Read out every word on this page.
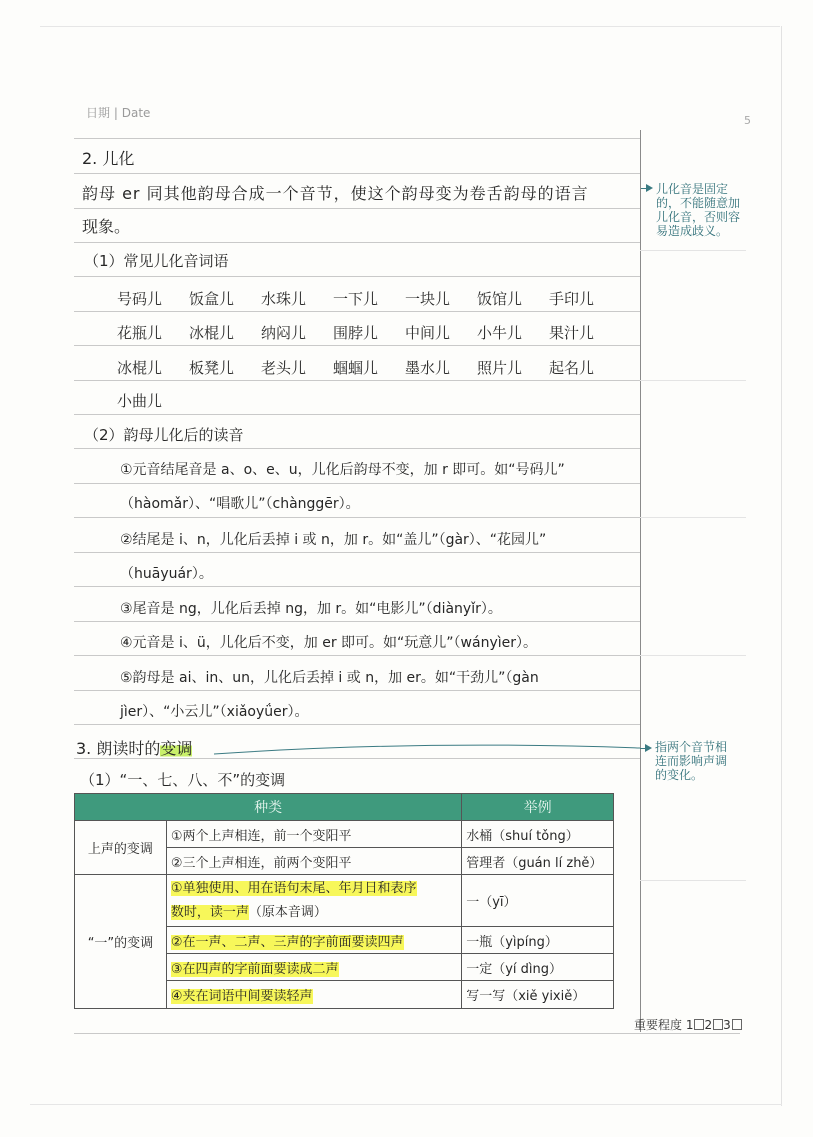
日期 | Date
5
2. 儿化
韵母 er 同其他韵母合成一个音节，使这个韵母变为卷舌韵母的语言
现象。
（1）常见儿化音词语
号码儿	饭盒儿	水珠儿	一下儿	一块儿	饭馆儿	手印儿
花瓶儿	冰棍儿	纳闷儿	围脖儿	中间儿	小牛儿	果汁儿
冰棍儿	板凳儿	老头儿	蝈蝈儿	墨水儿	照片儿	起名儿
小曲儿
（2）韵母儿化后的读音
①元音结尾音是 a、o、e、u，儿化后韵母不变，加 r 即可。如“号码儿”
（hàomǎr）、“唱歌儿”（chànggēr）。
②结尾是 i、n，儿化后丢掉 i 或 n，加 r。如“盖儿”（gàr）、“花园儿”
（huāyuár）。
③尾音是 ng，儿化后丢掉 ng，加 r。如“电影儿”（diànyǐr）。
④元音是 i、ü，儿化后不变，加 er 即可。如“玩意儿”（wányìer）。
⑤韵母是 ai、in、un，儿化后丢掉 i 或 n，加 er。如“干劲儿”（gàn
jìer）、“小云儿”（xiǎoyǘer）。
3. 朗读时的变调
（1）“一、七、八、不”的变调
儿化音是固定
的，不能随意加
儿化音，否则容
易造成歧义。
指两个音节相
连而影响声调
的变化。
种类		举例
上声的变调	①两个上声相连，前一个变阳平	水桶（shuí tǒng）
	②三个上声相连，前两个变阳平	管理者（guán lí zhě）
“一”的变调	①单独使用、用在语句末尾、年月日和表序
数时，读一声（原本音调）	一（yī）
	②在一声、二声、三声的字前面要读四声	一瓶（yìpíng）
	③在四声的字前面要读成二声	一定（yí dìng）
	④夹在词语中间要读轻声	写一写（xiě yixiě）
重要程度 1 2 3
